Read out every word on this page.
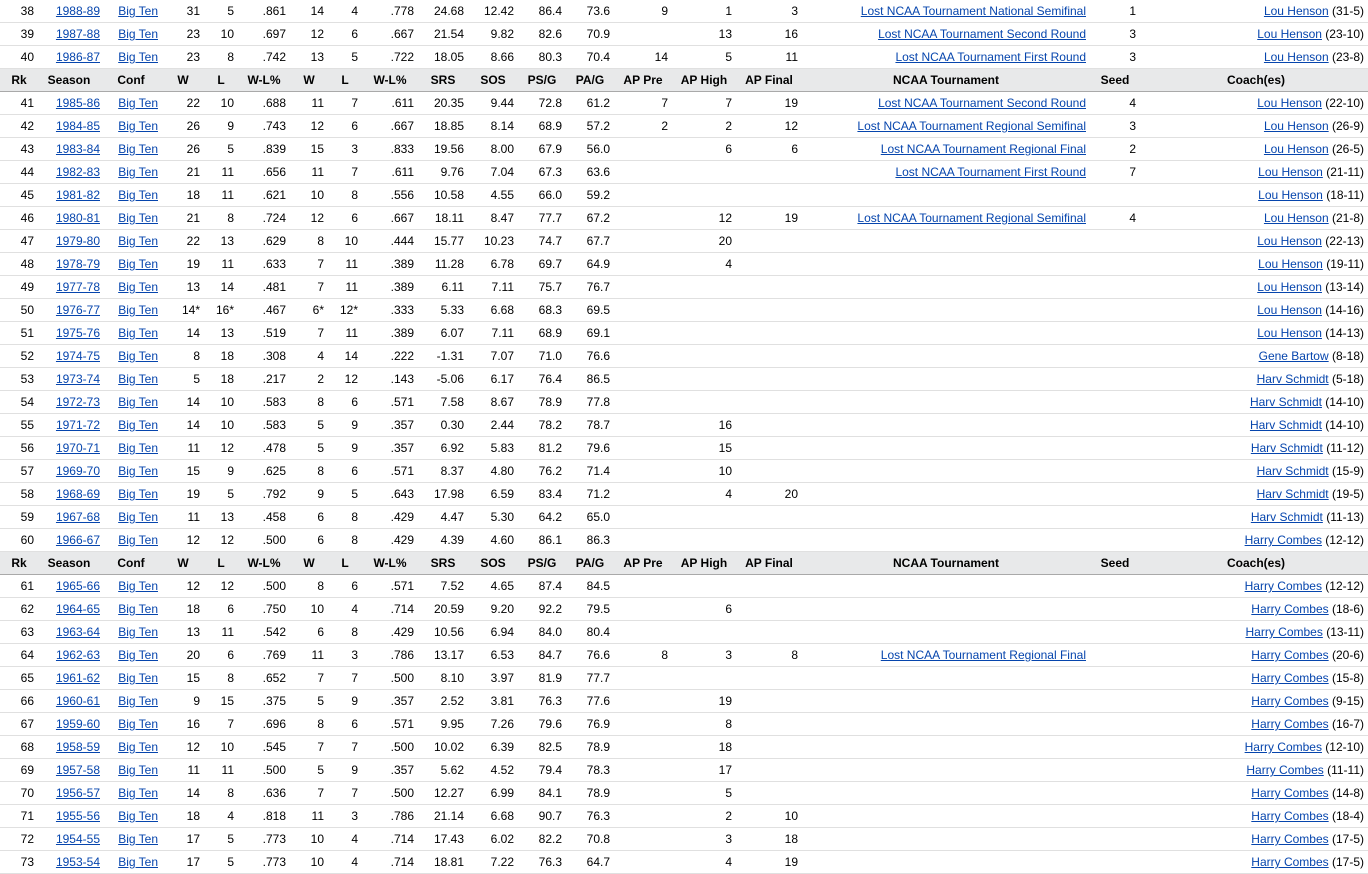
38	1988-89	Big Ten	31	5	.861	14	4	.778	24.68	12.42	86.4	73.6	9	1	3	Lost NCAA Tournament National Semifinal	1	Lou Henson (31-5)
39	1987-88	Big Ten	23	10	.697	12	6	.667	21.54	9.82	82.6	70.9		13	16	Lost NCAA Tournament Second Round	3	Lou Henson (23-10)
40	1986-87	Big Ten	23	8	.742	13	5	.722	18.05	8.66	80.3	70.4	14	5	11	Lost NCAA Tournament First Round	3	Lou Henson (23-8)
Rk	Season	Conf	W	L	W-L%	W	L	W-L%	SRS	SOS	PS/G	PA/G	AP Pre	AP High	AP Final	NCAA Tournament	Seed	Coach(es)
41	1985-86	Big Ten	22	10	.688	11	7	.611	20.35	9.44	72.8	61.2	7	7	19	Lost NCAA Tournament Second Round	4	Lou Henson (22-10)
42	1984-85	Big Ten	26	9	.743	12	6	.667	18.85	8.14	68.9	57.2	2	2	12	Lost NCAA Tournament Regional Semifinal	3	Lou Henson (26-9)
43	1983-84	Big Ten	26	5	.839	15	3	.833	19.56	8.00	67.9	56.0		6	6	Lost NCAA Tournament Regional Final	2	Lou Henson (26-5)
44	1982-83	Big Ten	21	11	.656	11	7	.611	9.76	7.04	67.3	63.6				Lost NCAA Tournament First Round	7	Lou Henson (21-11)
45	1981-82	Big Ten	18	11	.621	10	8	.556	10.58	4.55	66.0	59.2						Lou Henson (18-11)
46	1980-81	Big Ten	21	8	.724	12	6	.667	18.11	8.47	77.7	67.2		12	19	Lost NCAA Tournament Regional Semifinal	4	Lou Henson (21-8)
47	1979-80	Big Ten	22	13	.629	8	10	.444	15.77	10.23	74.7	67.7		20				Lou Henson (22-13)
48	1978-79	Big Ten	19	11	.633	7	11	.389	11.28	6.78	69.7	64.9		4				Lou Henson (19-11)
49	1977-78	Big Ten	13	14	.481	7	11	.389	6.11	7.11	75.7	76.7						Lou Henson (13-14)
50	1976-77	Big Ten	14*	16*	.467	6*	12*	.333	5.33	6.68	68.3	69.5						Lou Henson (14-16)
51	1975-76	Big Ten	14	13	.519	7	11	.389	6.07	7.11	68.9	69.1						Lou Henson (14-13)
52	1974-75	Big Ten	8	18	.308	4	14	.222	-1.31	7.07	71.0	76.6						Gene Bartow (8-18)
53	1973-74	Big Ten	5	18	.217	2	12	.143	-5.06	6.17	76.4	86.5						Harv Schmidt (5-18)
54	1972-73	Big Ten	14	10	.583	8	6	.571	7.58	8.67	78.9	77.8						Harv Schmidt (14-10)
55	1971-72	Big Ten	14	10	.583	5	9	.357	0.30	2.44	78.2	78.7		16				Harv Schmidt (14-10)
56	1970-71	Big Ten	11	12	.478	5	9	.357	6.92	5.83	81.2	79.6		15				Harv Schmidt (11-12)
57	1969-70	Big Ten	15	9	.625	8	6	.571	8.37	4.80	76.2	71.4		10				Harv Schmidt (15-9)
58	1968-69	Big Ten	19	5	.792	9	5	.643	17.98	6.59	83.4	71.2		4	20			Harv Schmidt (19-5)
59	1967-68	Big Ten	11	13	.458	6	8	.429	4.47	5.30	64.2	65.0						Harv Schmidt (11-13)
60	1966-67	Big Ten	12	12	.500	6	8	.429	4.39	4.60	86.1	86.3						Harry Combes (12-12)
Rk	Season	Conf	W	L	W-L%	W	L	W-L%	SRS	SOS	PS/G	PA/G	AP Pre	AP High	AP Final	NCAA Tournament	Seed	Coach(es)
61	1965-66	Big Ten	12	12	.500	8	6	.571	7.52	4.65	87.4	84.5						Harry Combes (12-12)
62	1964-65	Big Ten	18	6	.750	10	4	.714	20.59	9.20	92.2	79.5		6				Harry Combes (18-6)
63	1963-64	Big Ten	13	11	.542	6	8	.429	10.56	6.94	84.0	80.4						Harry Combes (13-11)
64	1962-63	Big Ten	20	6	.769	11	3	.786	13.17	6.53	84.7	76.6	8	3	8	Lost NCAA Tournament Regional Final		Harry Combes (20-6)
65	1961-62	Big Ten	15	8	.652	7	7	.500	8.10	3.97	81.9	77.7						Harry Combes (15-8)
66	1960-61	Big Ten	9	15	.375	5	9	.357	2.52	3.81	76.3	77.6		19				Harry Combes (9-15)
67	1959-60	Big Ten	16	7	.696	8	6	.571	9.95	7.26	79.6	76.9		8				Harry Combes (16-7)
68	1958-59	Big Ten	12	10	.545	7	7	.500	10.02	6.39	82.5	78.9		18				Harry Combes (12-10)
69	1957-58	Big Ten	11	11	.500	5	9	.357	5.62	4.52	79.4	78.3		17				Harry Combes (11-11)
70	1956-57	Big Ten	14	8	.636	7	7	.500	12.27	6.99	84.1	78.9		5				Harry Combes (14-8)
71	1955-56	Big Ten	18	4	.818	11	3	.786	21.14	6.68	90.7	76.3		2	10			Harry Combes (18-4)
72	1954-55	Big Ten	17	5	.773	10	4	.714	17.43	6.02	82.2	70.8		3	18			Harry Combes (17-5)
73	1953-54	Big Ten	17	5	.773	10	4	.714	18.81	7.22	76.3	64.7		4	19			Harry Combes (17-5)
